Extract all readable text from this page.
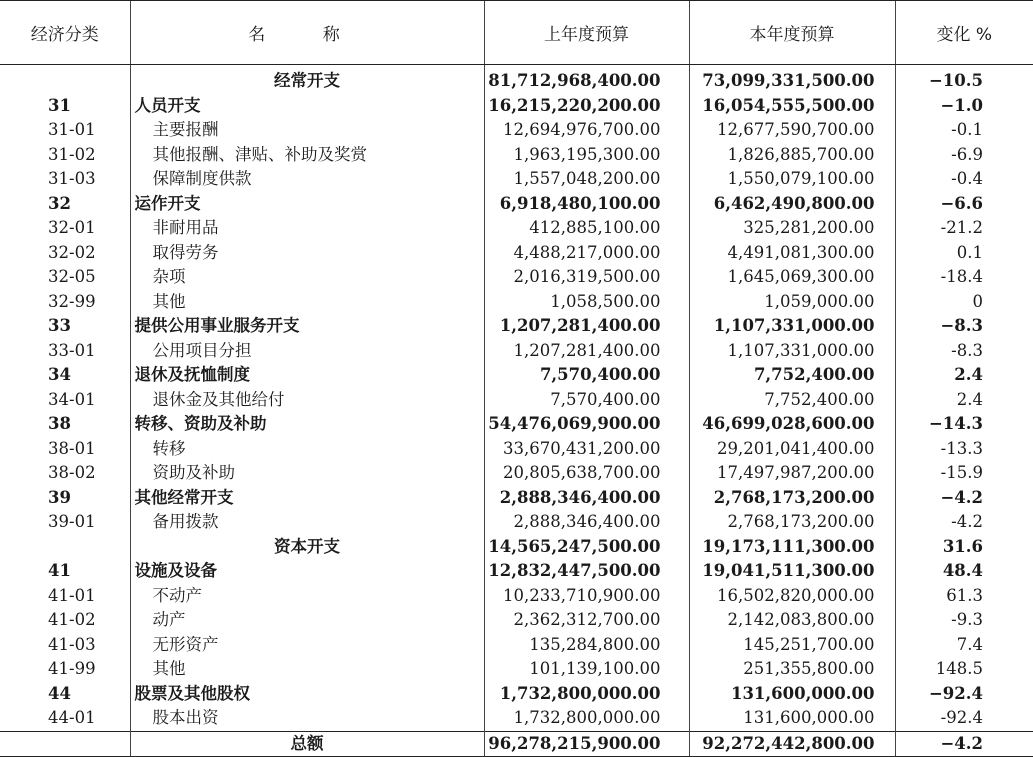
经济分类	名 称	上年度预算	本年度预算	变化 %
	经常开支	81,712,968,400.00	73,099,331,500.00	−10.5
31	人员开支	16,215,220,200.00	16,054,555,500.00	−1.0
31-01	主要报酬	12,694,976,700.00	12,677,590,700.00	-0.1
31-02	其他报酬、津贴、补助及奖赏	1,963,195,300.00	1,826,885,700.00	-6.9
31-03	保障制度供款	1,557,048,200.00	1,550,079,100.00	-0.4
32	运作开支	6,918,480,100.00	6,462,490,800.00	−6.6
32-01	非耐用品	412,885,100.00	325,281,200.00	-21.2
32-02	取得劳务	4,488,217,000.00	4,491,081,300.00	0.1
32-05	杂项	2,016,319,500.00	1,645,069,300.00	-18.4
32-99	其他	1,058,500.00	1,059,000.00	0
33	提供公用事业服务开支	1,207,281,400.00	1,107,331,000.00	−8.3
33-01	公用项目分担	1,207,281,400.00	1,107,331,000.00	-8.3
34	退休及抚恤制度	7,570,400.00	7,752,400.00	2.4
34-01	退休金及其他给付	7,570,400.00	7,752,400.00	2.4
38	转移、资助及补助	54,476,069,900.00	46,699,028,600.00	−14.3
38-01	转移	33,670,431,200.00	29,201,041,400.00	-13.3
38-02	资助及补助	20,805,638,700.00	17,497,987,200.00	-15.9
39	其他经常开支	2,888,346,400.00	2,768,173,200.00	−4.2
39-01	备用拨款	2,888,346,400.00	2,768,173,200.00	-4.2
	资本开支	14,565,247,500.00	19,173,111,300.00	31.6
41	设施及设备	12,832,447,500.00	19,041,511,300.00	48.4
41-01	不动产	10,233,710,900.00	16,502,820,000.00	61.3
41-02	动产	2,362,312,700.00	2,142,083,800.00	-9.3
41-03	无形资产	135,284,800.00	145,251,700.00	7.4
41-99	其他	101,139,100.00	251,355,800.00	148.5
44	股票及其他股权	1,732,800,000.00	131,600,000.00	−92.4
44-01	股本出资	1,732,800,000.00	131,600,000.00	-92.4
	总额	96,278,215,900.00	92,272,442,800.00	−4.2
